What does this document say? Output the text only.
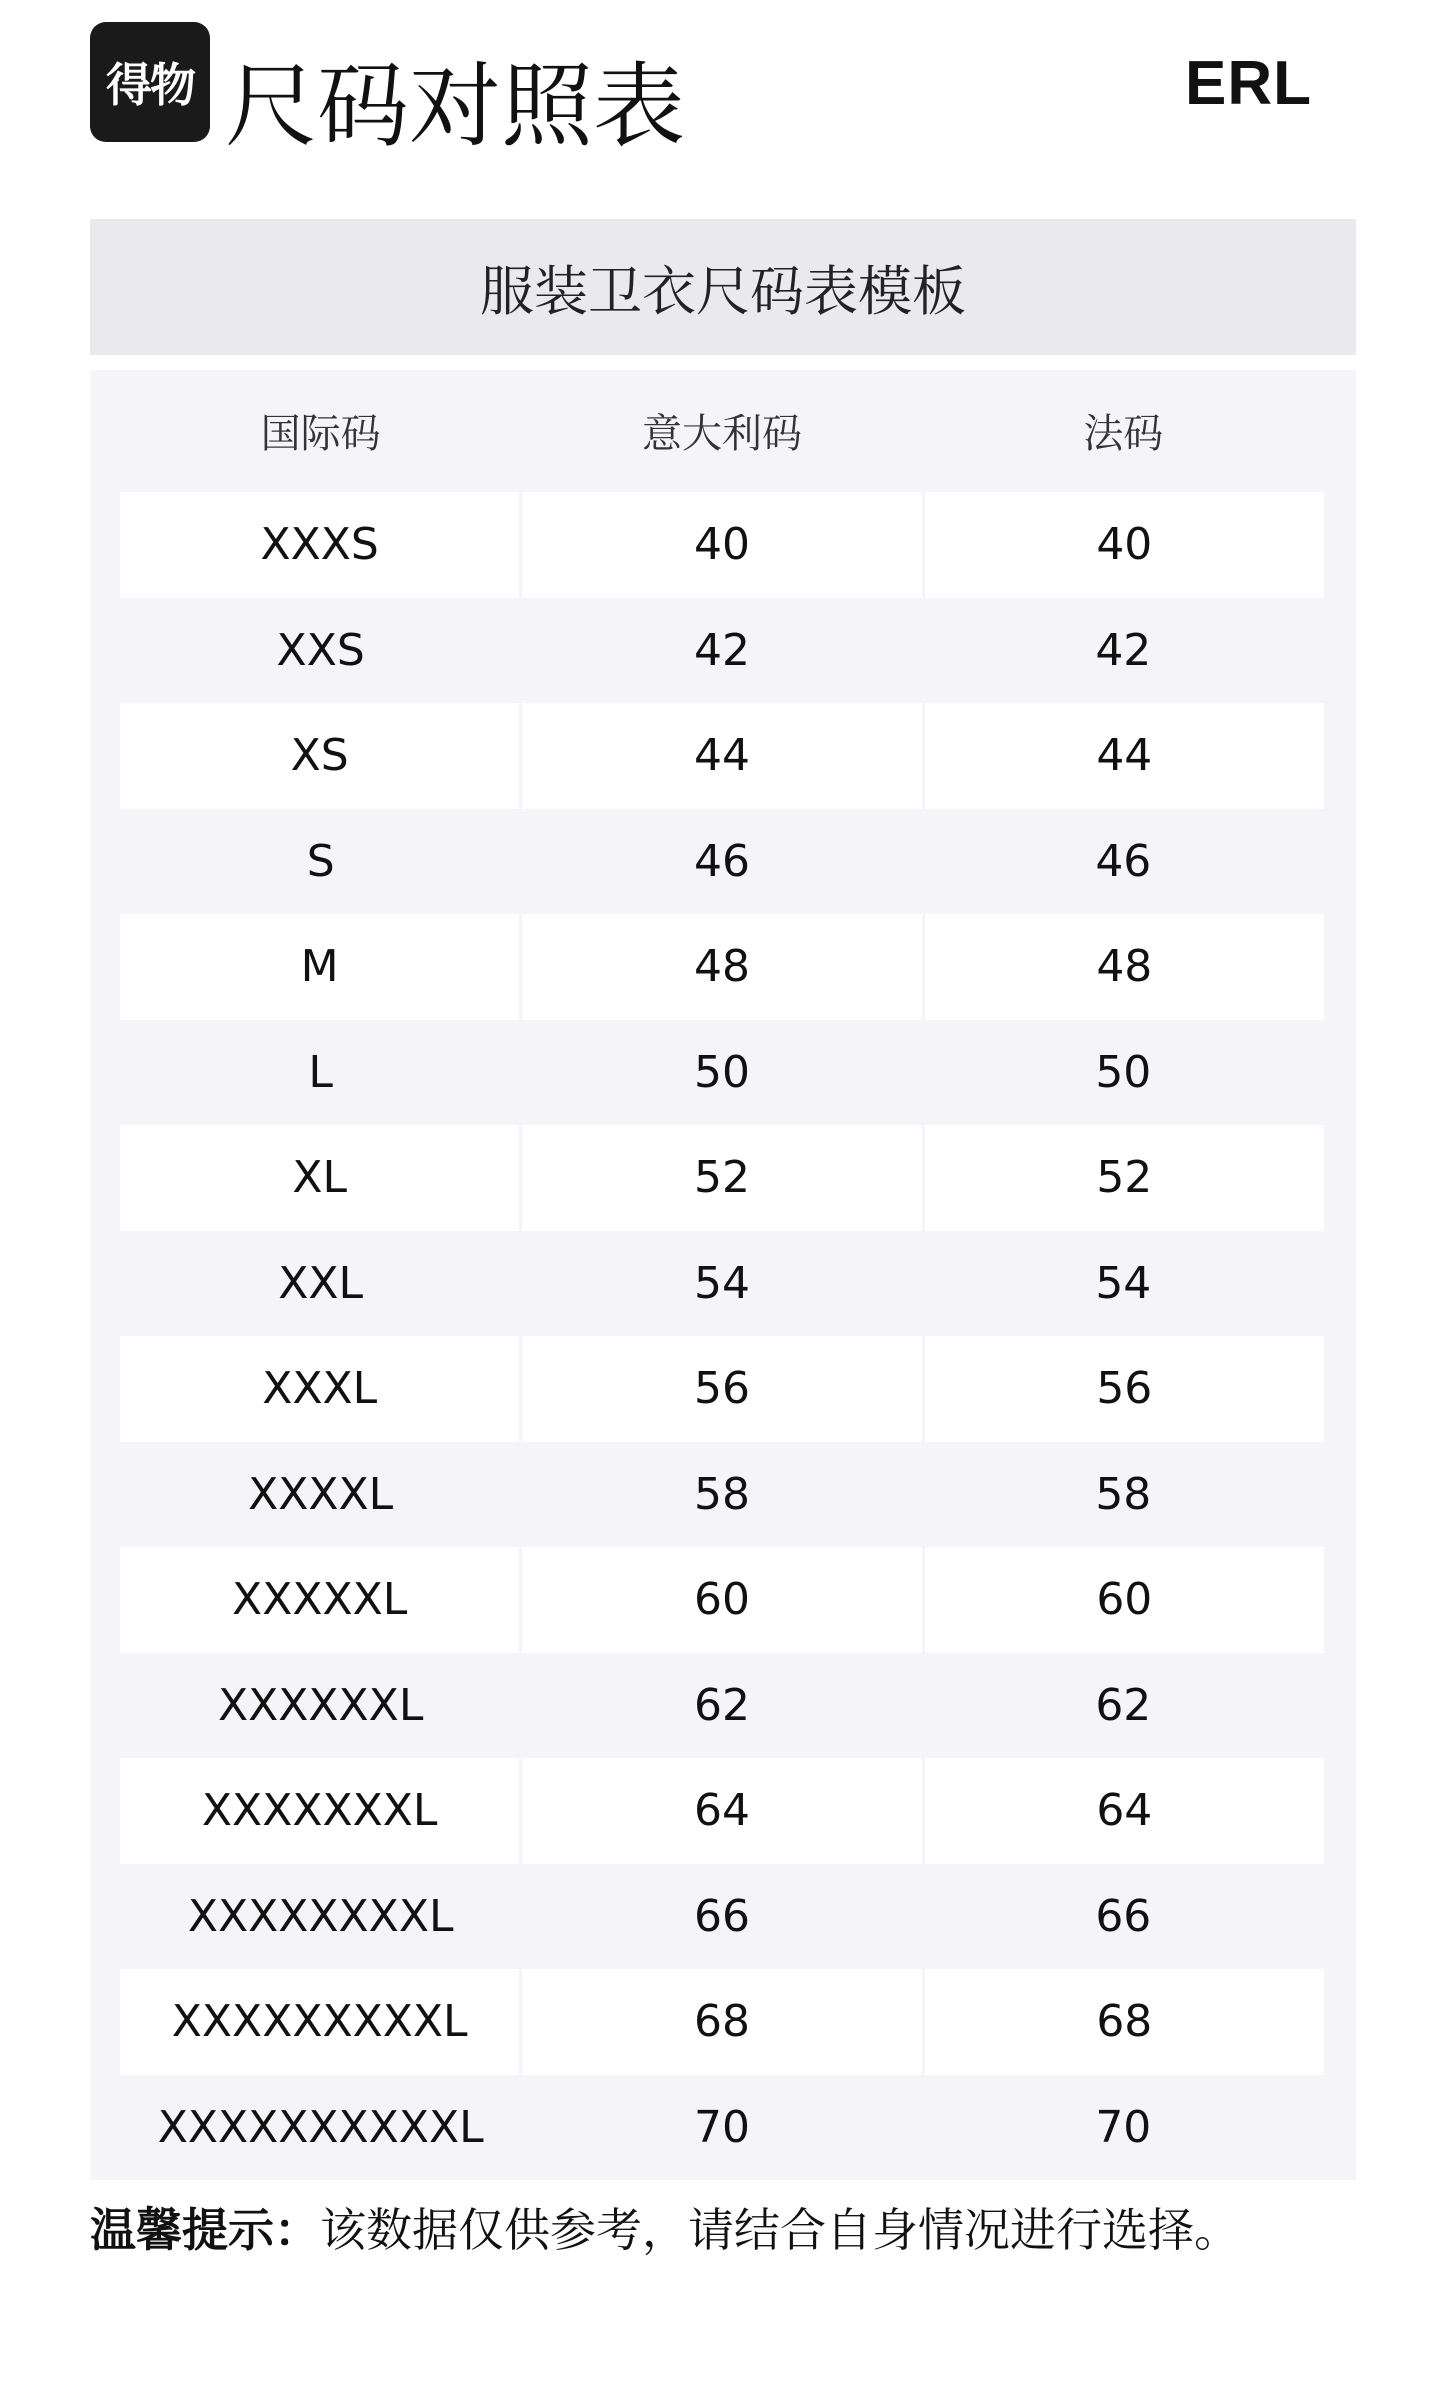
得物 尺码对照表	ERL
服装卫衣尺码表模板
国际码	意大利码	法码
XXXS	40	40
XXS	42	42
XS	44	44
S	46	46
M	48	48
L	50	50
XL	52	52
XXL	54	54
XXXL	56	56
XXXXL	58	58
XXXXXL	60	60
XXXXXXL	62	62
XXXXXXXL	64	64
XXXXXXXXL	66	66
XXXXXXXXXL	68	68
XXXXXXXXXXL	70	70
温馨提示：该数据仅供参考，请结合自身情况进行选择。
